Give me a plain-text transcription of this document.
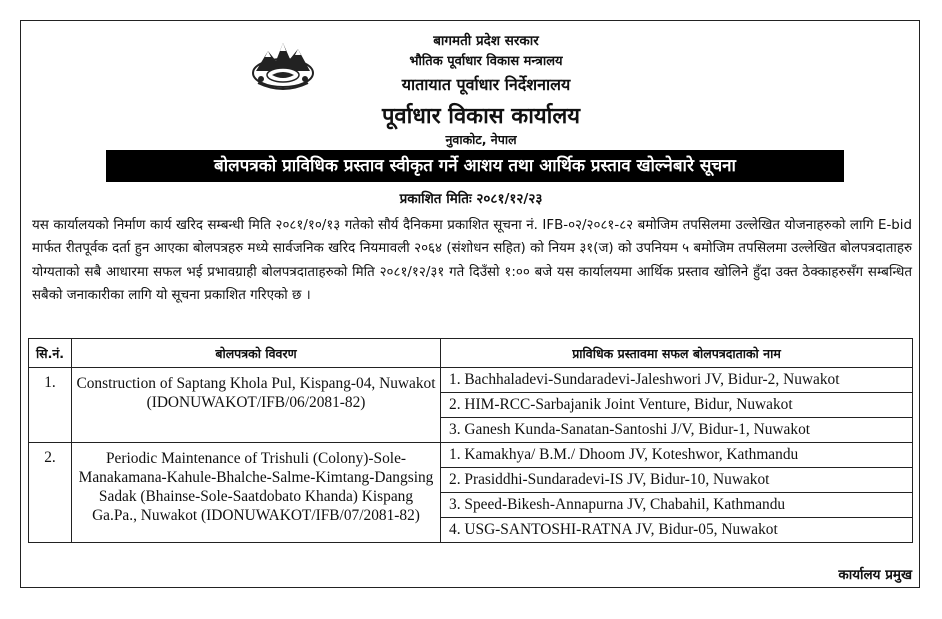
बागमती प्रदेश सरकार
भौतिक पूर्वाधार विकास मन्त्रालय
यातायात पूर्वाधार निर्देशनालय
पूर्वाधार विकास कार्यालय
नुवाकोट, नेपाल
बोलपत्रको प्राविधिक प्रस्ताव स्वीकृत गर्ने आशय तथा आर्थिक प्रस्ताव खोल्नेबारे सूचना
प्रकाशित मितिः २०८१/१२/२३
यस कार्यालयको निर्माण कार्य खरिद सम्बन्धी मिति २०८१/१०/१३ गतेको सौर्य दैनिकमा प्रकाशित सूचना नं. IFB-०२/२०८१-८२ बमोजिम तपसिलमा उल्लेखित योजनाहरुको लागि E-bid मार्फत रीतपूर्वक दर्ता हुन आएका बोलपत्रहरु मध्ये सार्वजनिक खरिद नियमावली २०६४ (संशोधन सहित) को नियम ३१(ज) को उपनियम ५ बमोजिम तपसिलमा उल्लेखित बोलपत्रदाताहरु योग्यताको सबै आधारमा सफल भई प्रभावग्राही बोलपत्रदाताहरुको मिति २०८१/१२/३१ गते दिउँसो १:०० बजे यस कार्यालयमा आर्थिक प्रस्ताव खोलिने हुँदा उक्त ठेक्काहरुसँग सम्बन्धित सबैको जनाकारीका लागि यो सूचना प्रकाशित गरिएको छ ।
सि.नं.	बोलपत्रको विवरण	प्राविधिक प्रस्तावमा सफल बोलपत्रदाताको नाम

1.	Construction of Saptang Khola Pul, Kispang-04, Nuwakot (IDONUWAKOT/IFB/06/2081-82)	1. Bachhaladevi-Sundaradevi-Jaleshwori JV, Bidur-2, Nuwakot
2. HIM-RCC-Sarbajanik Joint Venture, Bidur, Nuwakot
3. Ganesh Kunda-Sanatan-Santoshi J/V, Bidur-1, Nuwakot

2.	Periodic Maintenance of Trishuli (Colony)-Sole-Manakamana-Kahule-Bhalche-Salme-Kimtang-Dangsing Sadak (Bhainse-Sole-Saatdobato Khanda) Kispang Ga.Pa., Nuwakot (IDONUWAKOT/IFB/07/2081-82)	1. Kamakhya/ B.M./ Dhoom JV, Koteshwor, Kathmandu
2. Prasiddhi-Sundaradevi-IS JV, Bidur-10, Nuwakot
3. Speed-Bikesh-Annapurna JV, Chabahil, Kathmandu
4. USG-SANTOSHI-RATNA JV, Bidur-05, Nuwakot
कार्यालय प्रमुख
